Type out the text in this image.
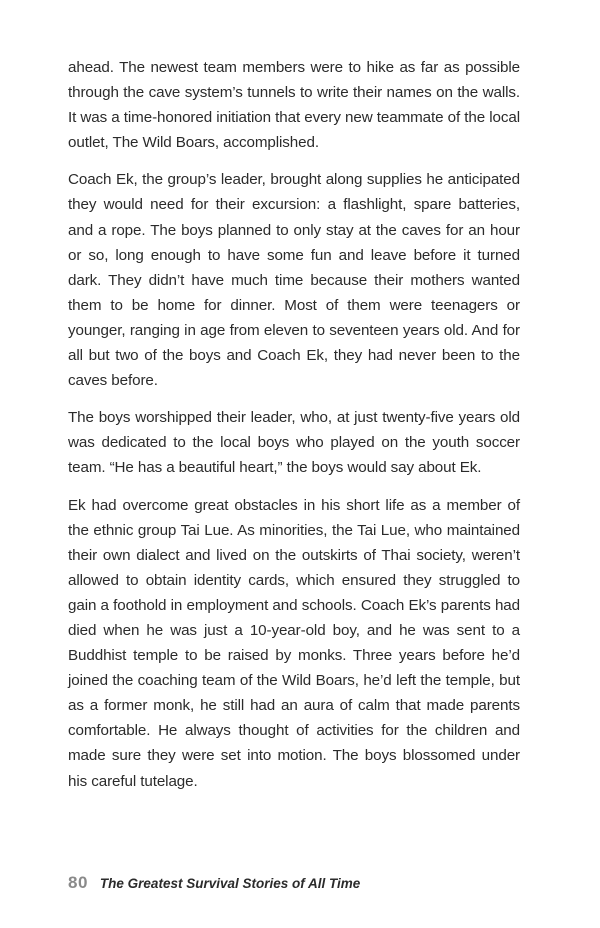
ahead. The newest team members were to hike as far as possible through the cave system’s tunnels to write their names on the walls. It was a time-honored initiation that every new teammate of the local outlet, The Wild Boars, accomplished.

Coach Ek, the group’s leader, brought along supplies he anticipated they would need for their excursion: a flashlight, spare batteries, and a rope. The boys planned to only stay at the caves for an hour or so, long enough to have some fun and leave before it turned dark. They didn’t have much time because their mothers wanted them to be home for dinner. Most of them were teenagers or younger, ranging in age from eleven to seventeen years old. And for all but two of the boys and Coach Ek, they had never been to the caves before.

The boys worshipped their leader, who, at just twenty-five years old was dedicated to the local boys who played on the youth soccer team. “He has a beautiful heart,” the boys would say about Ek.

Ek had overcome great obstacles in his short life as a member of the ethnic group Tai Lue. As minorities, the Tai Lue, who maintained their own dialect and lived on the outskirts of Thai society, weren’t allowed to obtain identity cards, which ensured they struggled to gain a foothold in employment and schools. Coach Ek’s parents had died when he was just a 10-year-old boy, and he was sent to a Buddhist temple to be raised by monks. Three years before he’d joined the coaching team of the Wild Boars, he’d left the temple, but as a former monk, he still had an aura of calm that made parents comfortable. He always thought of activities for the children and made sure they were set into motion. The boys blossomed under his careful tutelage.

80 The Greatest Survival Stories of All Time
